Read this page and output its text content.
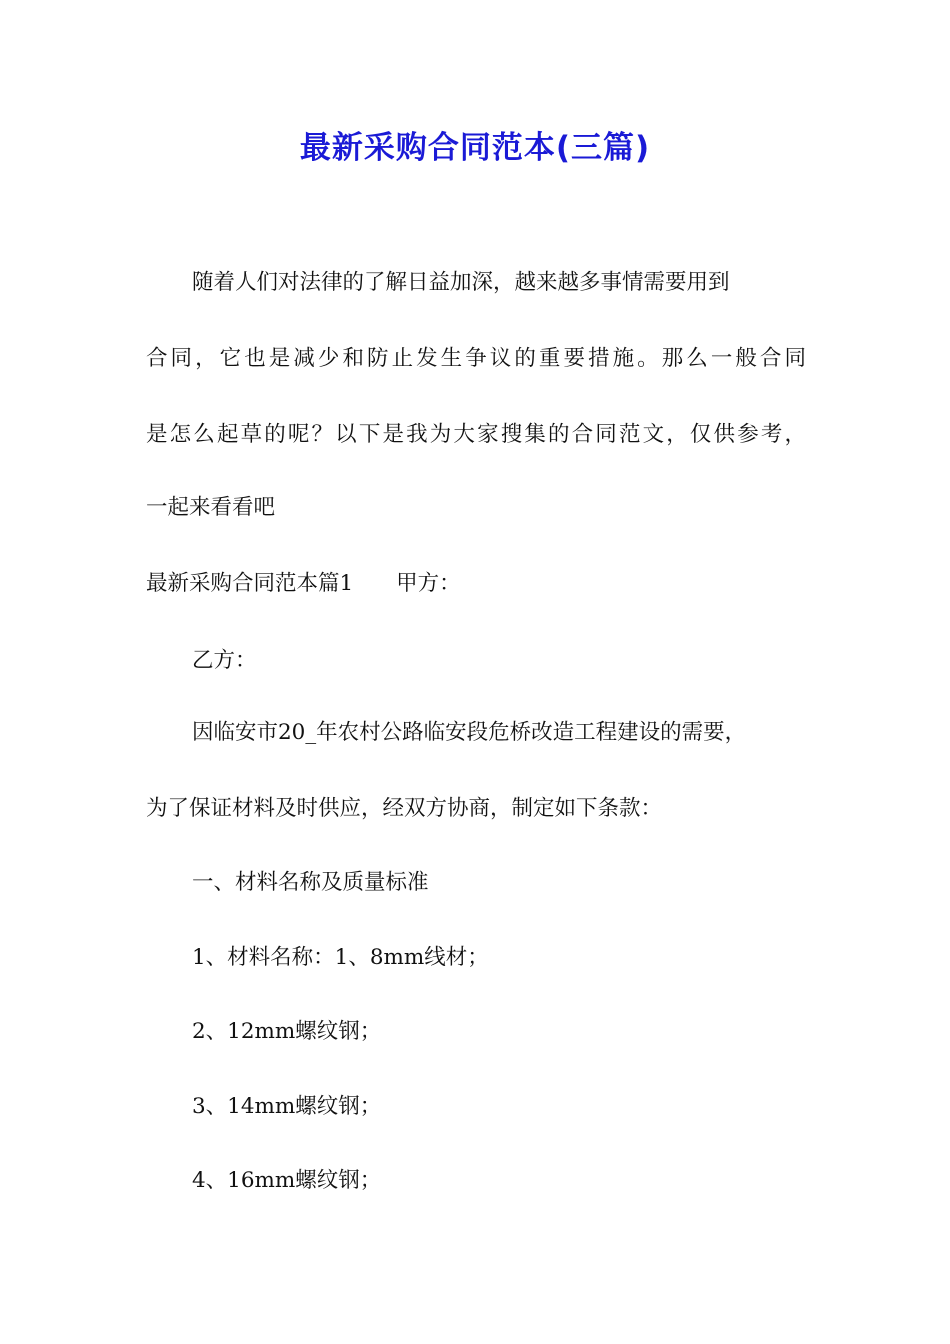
最新采购合同范本(三篇)
随着人们对法律的了解日益加深，越来越多事情需要用到
合同，它也是减少和防止发生争议的重要措施。那么一般合同
是怎么起草的呢？以下是我为大家搜集的合同范文，仅供参考，
一起来看看吧
最新采购合同范本篇1　　甲方：
乙方：
因临安市20_年农村公路临安段危桥改造工程建设的需要，
为了保证材料及时供应，经双方协商，制定如下条款：
一、材料名称及质量标准
1、材料名称：1、8mm线材；
2、12mm螺纹钢；
3、14mm螺纹钢；
4、16mm螺纹钢；
